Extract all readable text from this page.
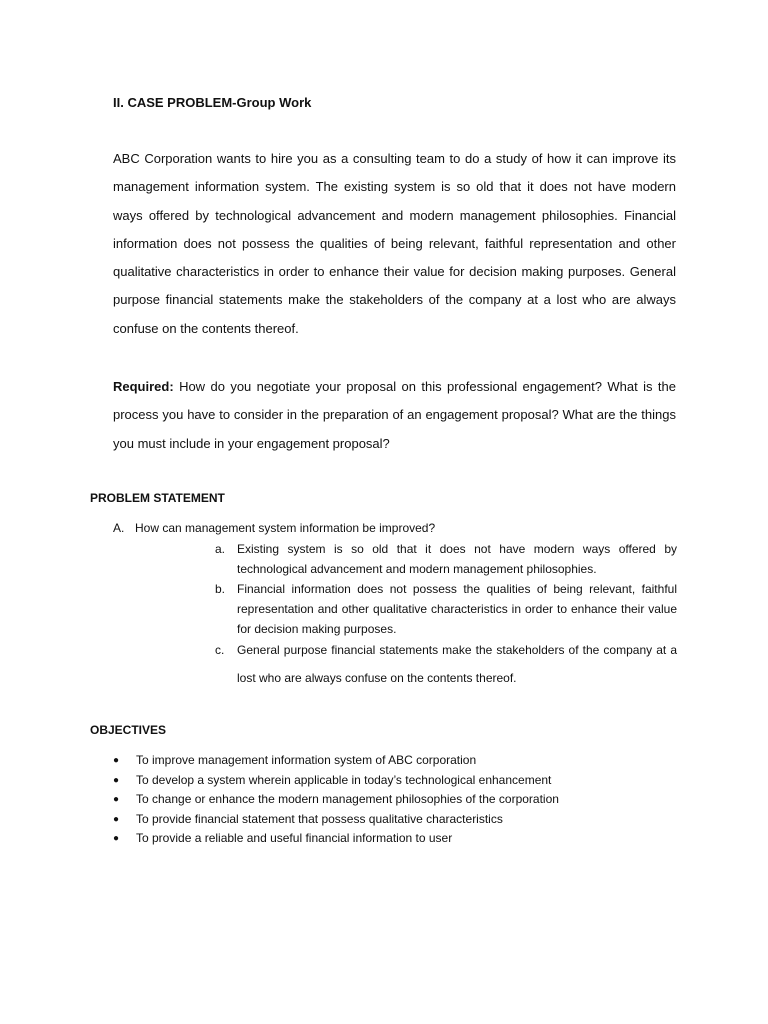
II. CASE PROBLEM-Group Work

ABC Corporation wants to hire you as a consulting team to do a study of how it can improve its management information system. The existing system is so old that it does not have modern ways offered by technological advancement and modern management philosophies. Financial information does not possess the qualities of being relevant, faithful representation and other qualitative characteristics in order to enhance their value for decision making purposes. General purpose financial statements make the stakeholders of the company at a lost who are always confuse on the contents thereof.

Required: How do you negotiate your proposal on this professional engagement? What is the process you have to consider in the preparation of an engagement proposal? What are the things you must include in your engagement proposal?

PROBLEM STATEMENT

A. How can management system information be improved?

a. Existing system is so old that it does not have modern ways offered by technological advancement and modern management philosophies.
b. Financial information does not possess the qualities of being relevant, faithful representation and other qualitative characteristics in order to enhance their value for decision making purposes.
c. General purpose financial statements make the stakeholders of the company at a lost who are always confuse on the contents thereof.
OBJECTIVES
● To improve management information system of ABC corporation
● To develop a system wherein applicable in today’s technological enhancement
● To change or enhance the modern management philosophies of the corporation
● To provide financial statement that possess qualitative characteristics
● To provide a reliable and useful financial information to user
